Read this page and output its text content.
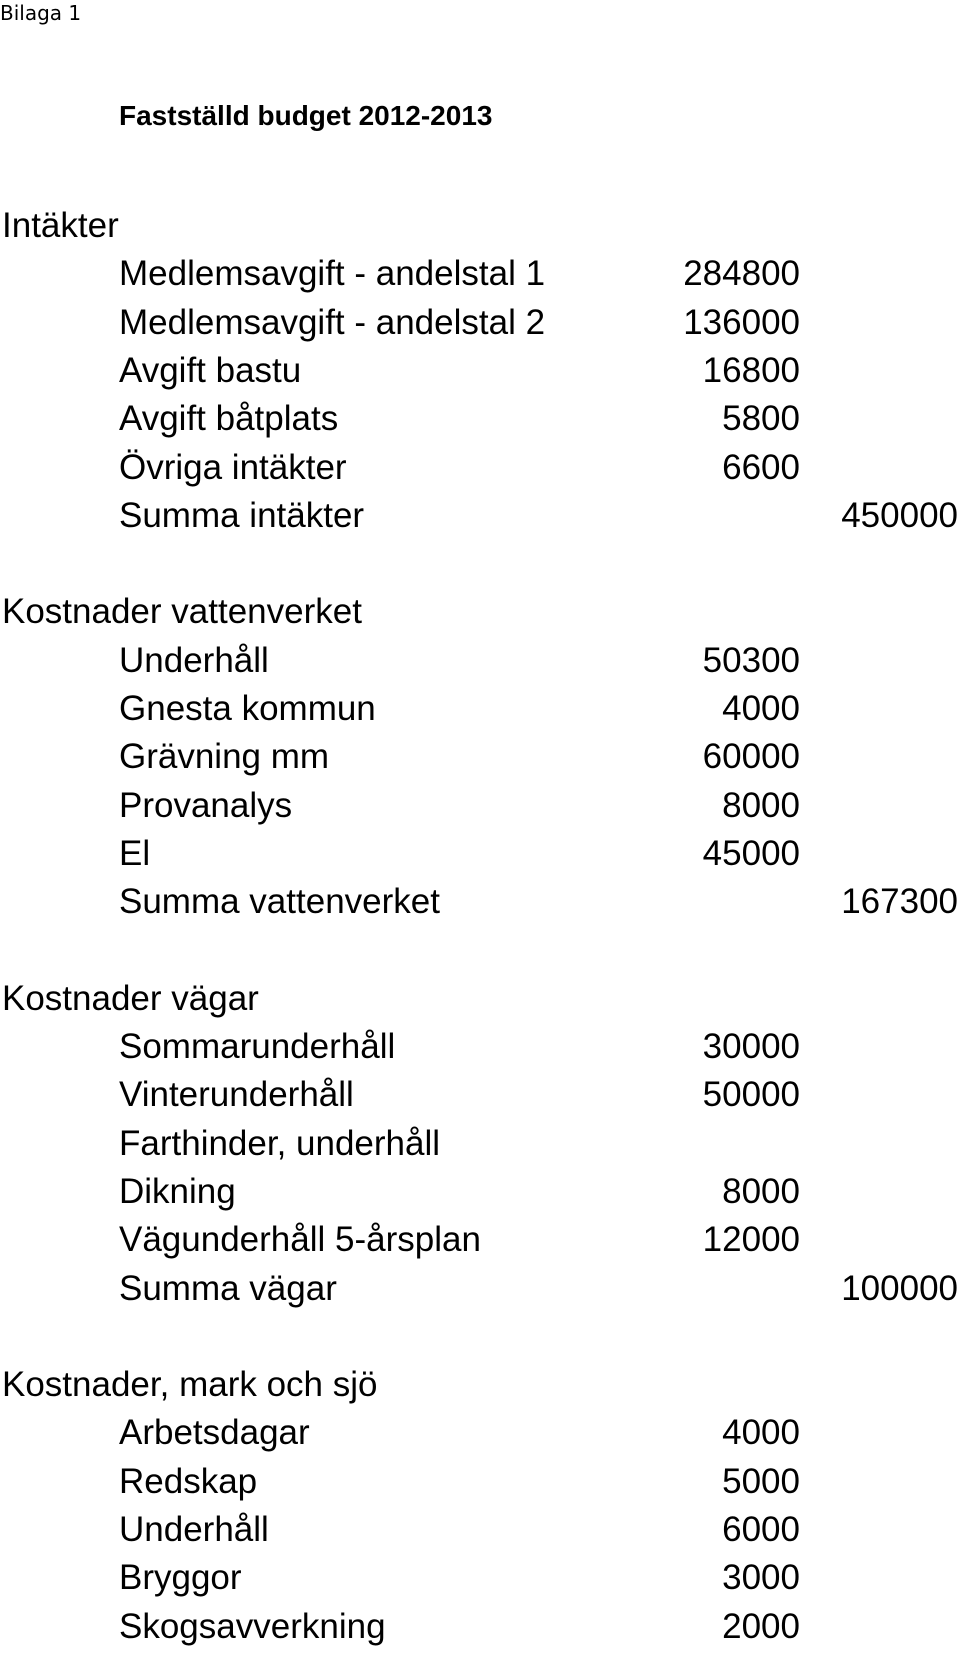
Bilaga 1
Fastställd budget 2012-2013
Intäkter
Medlemsavgift - andelstal 1	284800
Medlemsavgift - andelstal 2	136000
Avgift bastu	16800
Avgift båtplats	5800
Övriga intäkter	6600
Summa intäkter	450000
Kostnader vattenverket
Underhåll	50300
Gnesta kommun	4000
Grävning mm	60000
Provanalys	8000
El	45000
Summa vattenverket	167300
Kostnader vägar
Sommarunderhåll	30000
Vinterunderhåll	50000
Farthinder, underhåll
Dikning	8000
Vägunderhåll 5-årsplan	12000
Summa vägar	100000
Kostnader, mark och sjö
Arbetsdagar	4000
Redskap	5000
Underhåll	6000
Bryggor	3000
Skogsavverkning	2000
